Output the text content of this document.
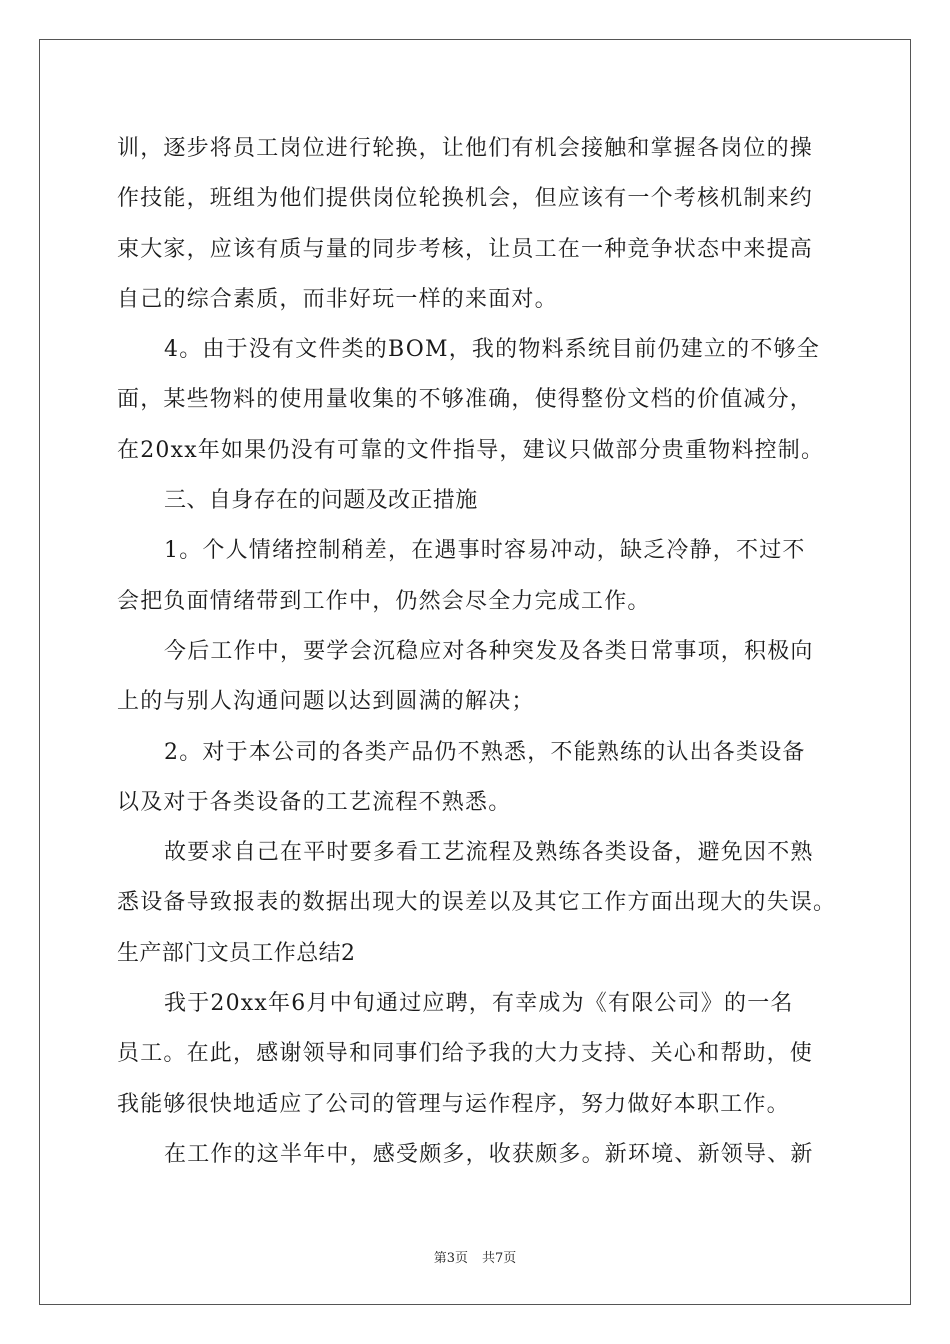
训，逐步将员工岗位进行轮换，让他们有机会接触和掌握各岗位的操
作技能，班组为他们提供岗位轮换机会，但应该有一个考核机制来约
束大家，应该有质与量的同步考核，让员工在一种竞争状态中来提高
自己的综合素质，而非好玩一样的来面对。
4。由于没有文件类的BOM，我的物料系统目前仍建立的不够全
面，某些物料的使用量收集的不够准确，使得整份文档的价值减分，
在20xx年如果仍没有可靠的文件指导，建议只做部分贵重物料控制。
三、自身存在的问题及改正措施
1。个人情绪控制稍差，在遇事时容易冲动，缺乏冷静，不过不
会把负面情绪带到工作中，仍然会尽全力完成工作。
今后工作中，要学会沉稳应对各种突发及各类日常事项，积极向
上的与别人沟通问题以达到圆满的解决；
2。对于本公司的各类产品仍不熟悉，不能熟练的认出各类设备
以及对于各类设备的工艺流程不熟悉。
故要求自己在平时要多看工艺流程及熟练各类设备，避免因不熟
悉设备导致报表的数据出现大的误差以及其它工作方面出现大的失误。
生产部门文员工作总结2
我于20xx年6月中旬通过应聘，有幸成为《有限公司》的一名
员工。在此，感谢领导和同事们给予我的大力支持、关心和帮助，使
我能够很快地适应了公司的管理与运作程序，努力做好本职工作。
在工作的这半年中，感受颇多，收获颇多。新环境、新领导、新
第3页 共7页
